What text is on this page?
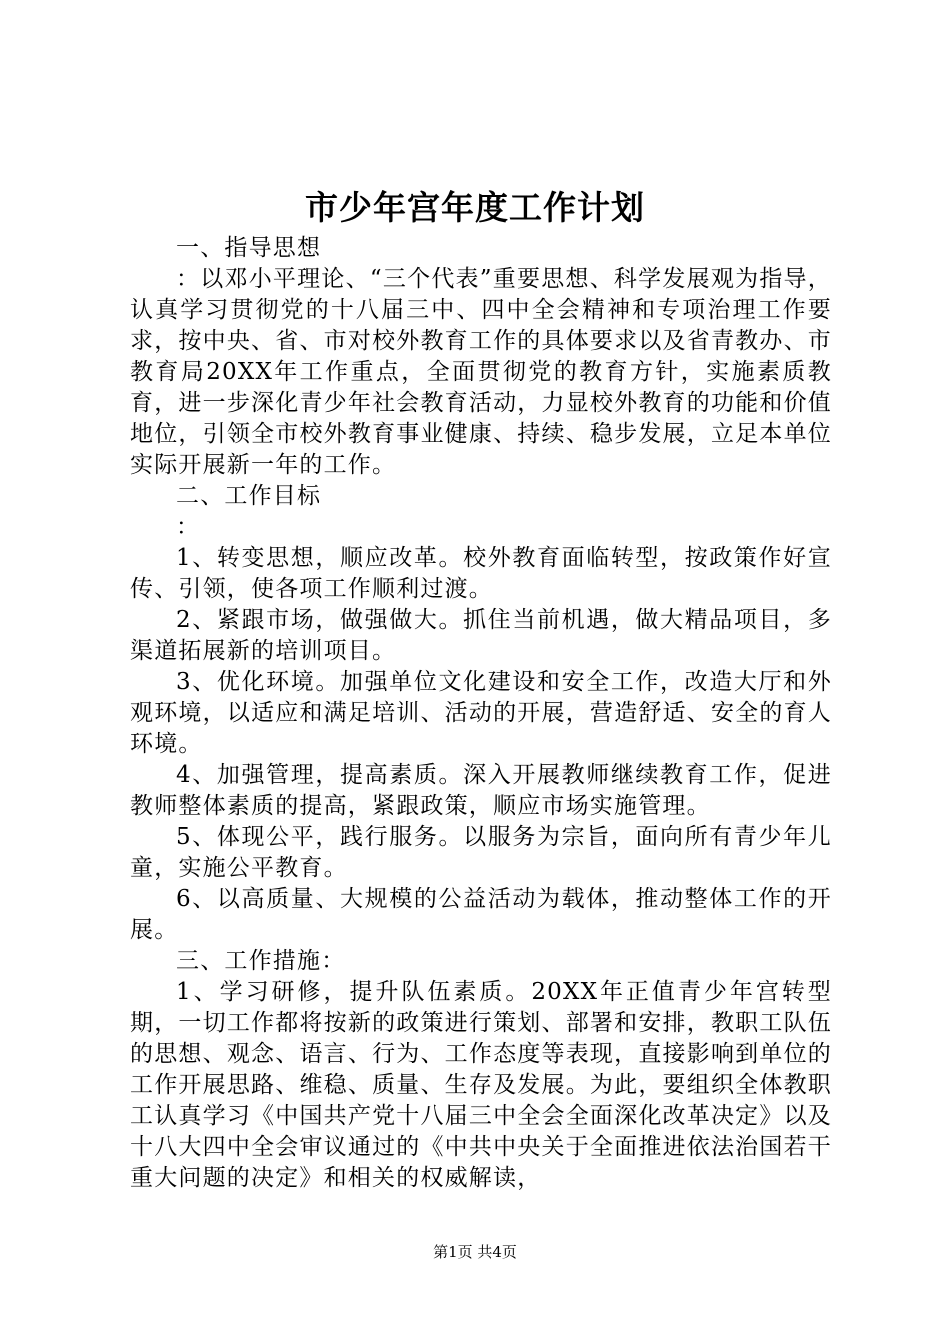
市少年宫年度工作计划

一、指导思想

：以邓小平理论、“三个代表”重要思想、科学发展观为指导，认真学习贯彻党的十八届三中、四中全会精神和专项治理工作要求，按中央、省、市对校外教育工作的具体要求以及省青教办、市教育局20XX年工作重点，全面贯彻党的教育方针，实施素质教育，进一步深化青少年社会教育活动，力显校外教育的功能和价值地位，引领全市校外教育事业健康、持续、稳步发展，立足本单位实际开展新一年的工作。

二、工作目标

：

1、转变思想，顺应改革。校外教育面临转型，按政策作好宣传、引领，使各项工作顺利过渡。

2、紧跟市场，做强做大。抓住当前机遇，做大精品项目，多渠道拓展新的培训项目。

3、优化环境。加强单位文化建设和安全工作，改造大厅和外观环境，以适应和满足培训、活动的开展，营造舒适、安全的育人环境。

4、加强管理，提高素质。深入开展教师继续教育工作，促进教师整体素质的提高，紧跟政策，顺应市场实施管理。

5、体现公平，践行服务。以服务为宗旨，面向所有青少年儿童，实施公平教育。

6、以高质量、大规模的公益活动为载体，推动整体工作的开展。

三、工作措施：

1、学习研修，提升队伍素质。20XX年正值青少年宫转型期，一切工作都将按新的政策进行策划、部署和安排，教职工队伍的思想、观念、语言、行为、工作态度等表现，直接影响到单位的工作开展思路、维稳、质量、生存及发展。为此，要组织全体教职工认真学习《中国共产党十八届三中全会全面深化改革决定》以及十八大四中全会审议通过的《中共中央关于全面推进依法治国若干重大问题的决定》和相关的权威解读，

第1页 共4页
